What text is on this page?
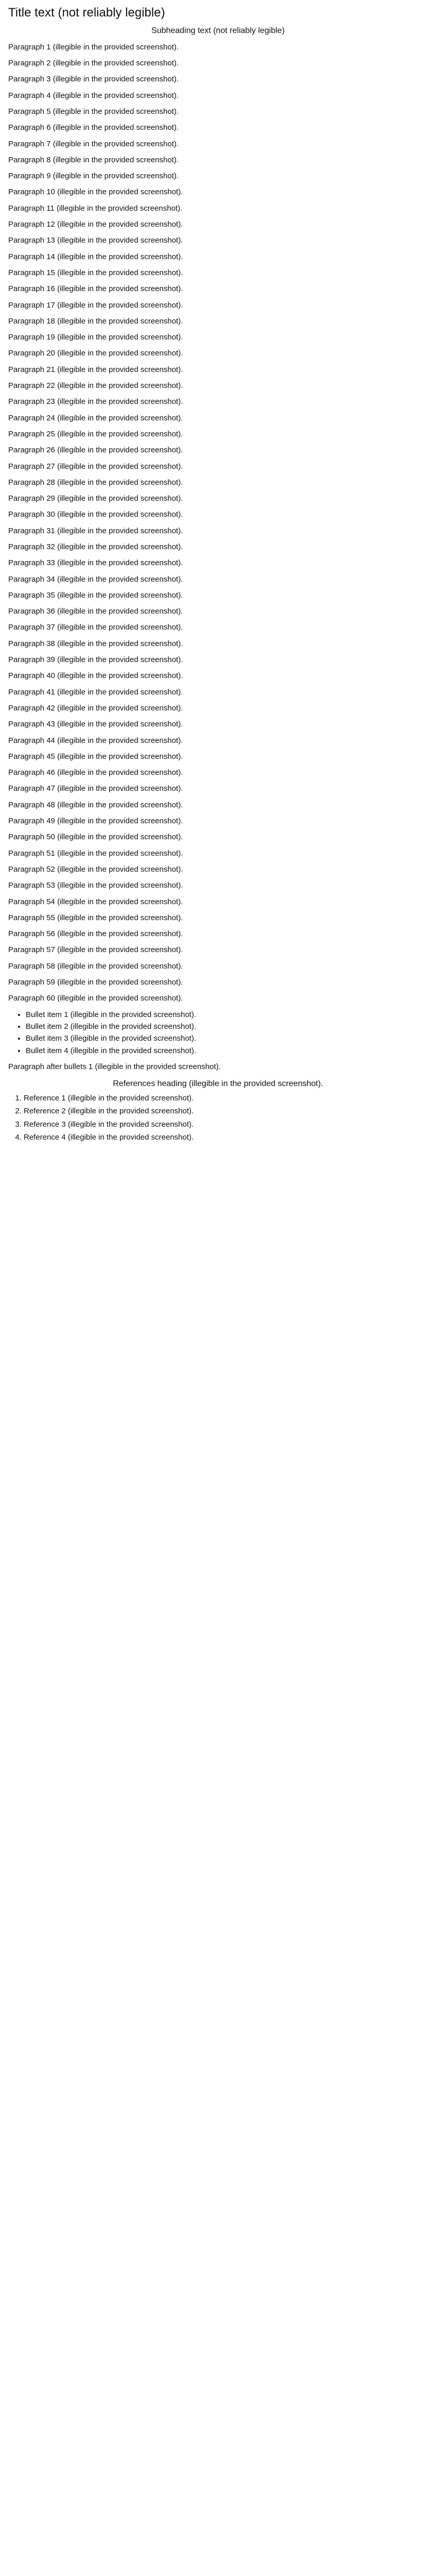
Title text (not reliably legible)
Subheading text (not reliably legible)

Paragraph 1 (illegible in the provided screenshot).

Paragraph 2 (illegible in the provided screenshot).

Paragraph 3 (illegible in the provided screenshot).

Paragraph 4 (illegible in the provided screenshot).

Paragraph 5 (illegible in the provided screenshot).

Paragraph 6 (illegible in the provided screenshot).

Paragraph 7 (illegible in the provided screenshot).

Paragraph 8 (illegible in the provided screenshot).

Paragraph 9 (illegible in the provided screenshot).

Paragraph 10 (illegible in the provided screenshot).

Paragraph 11 (illegible in the provided screenshot).

Paragraph 12 (illegible in the provided screenshot).

Paragraph 13 (illegible in the provided screenshot).

Paragraph 14 (illegible in the provided screenshot).

Paragraph 15 (illegible in the provided screenshot).

Paragraph 16 (illegible in the provided screenshot).

Paragraph 17 (illegible in the provided screenshot).

Paragraph 18 (illegible in the provided screenshot).

Paragraph 19 (illegible in the provided screenshot).

Paragraph 20 (illegible in the provided screenshot).

Paragraph 21 (illegible in the provided screenshot).

Paragraph 22 (illegible in the provided screenshot).

Paragraph 23 (illegible in the provided screenshot).

Paragraph 24 (illegible in the provided screenshot).

Paragraph 25 (illegible in the provided screenshot).

Paragraph 26 (illegible in the provided screenshot).

Paragraph 27 (illegible in the provided screenshot).

Paragraph 28 (illegible in the provided screenshot).

Paragraph 29 (illegible in the provided screenshot).

Paragraph 30 (illegible in the provided screenshot).

Paragraph 31 (illegible in the provided screenshot).

Paragraph 32 (illegible in the provided screenshot).

Paragraph 33 (illegible in the provided screenshot).

Paragraph 34 (illegible in the provided screenshot).

Paragraph 35 (illegible in the provided screenshot).

Paragraph 36 (illegible in the provided screenshot).

Paragraph 37 (illegible in the provided screenshot).

Paragraph 38 (illegible in the provided screenshot).

Paragraph 39 (illegible in the provided screenshot).

Paragraph 40 (illegible in the provided screenshot).

Paragraph 41 (illegible in the provided screenshot).

Paragraph 42 (illegible in the provided screenshot).

Paragraph 43 (illegible in the provided screenshot).

Paragraph 44 (illegible in the provided screenshot).

Paragraph 45 (illegible in the provided screenshot).

Paragraph 46 (illegible in the provided screenshot).

Paragraph 47 (illegible in the provided screenshot).

Paragraph 48 (illegible in the provided screenshot).

Paragraph 49 (illegible in the provided screenshot).

Paragraph 50 (illegible in the provided screenshot).

Paragraph 51 (illegible in the provided screenshot).

Paragraph 52 (illegible in the provided screenshot).

Paragraph 53 (illegible in the provided screenshot).

Paragraph 54 (illegible in the provided screenshot).

Paragraph 55 (illegible in the provided screenshot).

Paragraph 56 (illegible in the provided screenshot).

Paragraph 57 (illegible in the provided screenshot).

Paragraph 58 (illegible in the provided screenshot).

Paragraph 59 (illegible in the provided screenshot).

Paragraph 60 (illegible in the provided screenshot).

• Bullet item 1 (illegible in the provided screenshot).
• Bullet item 2 (illegible in the provided screenshot).
• Bullet item 3 (illegible in the provided screenshot).
• Bullet item 4 (illegible in the provided screenshot).

Paragraph after bullets 1 (illegible in the provided screenshot).

References heading (illegible in the provided screenshot).
1. Reference 1 (illegible in the provided screenshot).
2. Reference 2 (illegible in the provided screenshot).
3. Reference 3 (illegible in the provided screenshot).
4. Reference 4 (illegible in the provided screenshot).
